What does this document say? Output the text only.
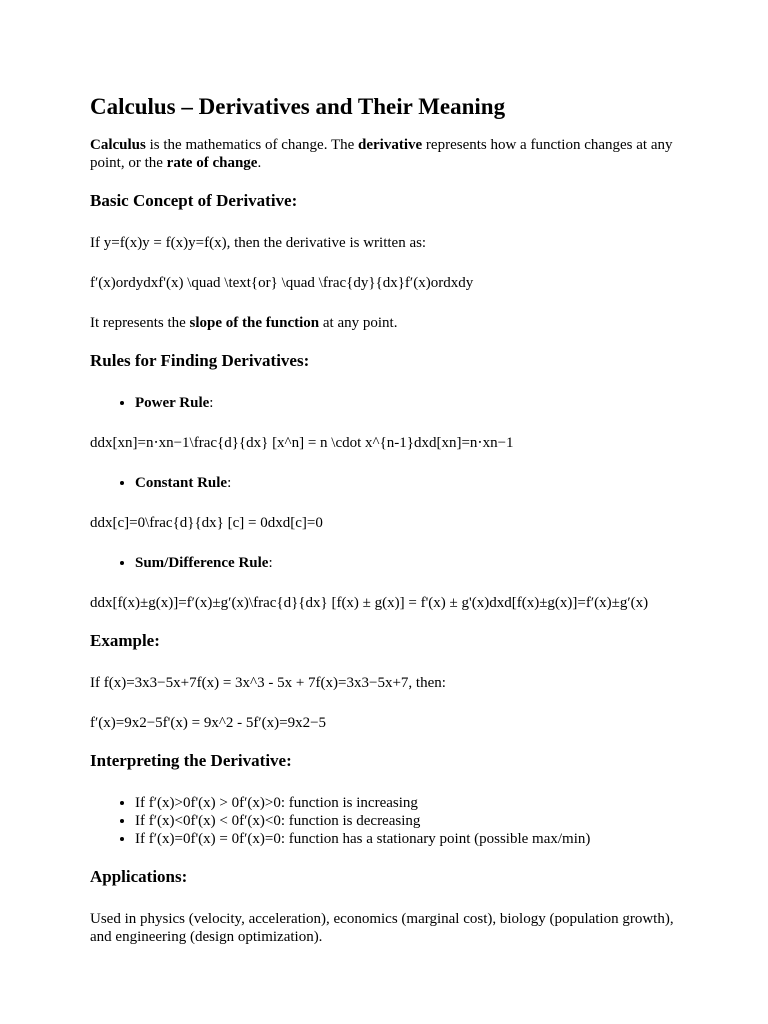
Calculus – Derivatives and Their Meaning

Calculus is the mathematics of change. The derivative represents how a function changes at any point, or the rate of change.

Basic Concept of Derivative:

If y=f(x)y = f(x)y=f(x), then the derivative is written as:

f′(x)ordydxf'(x) \quad \text{or} \quad \frac{dy}{dx}f′(x)ordxdy

It represents the slope of the function at any point.

Rules for Finding Derivatives:
• Power Rule:

ddx[xn]=n⋅xn−1\frac{d}{dx} [x^n] = n \cdot x^{n-1}dxd[xn]=n⋅xn−1

• Constant Rule:

ddx[c]=0\frac{d}{dx} [c] = 0dxd[c]=0

• Sum/Difference Rule:

ddx[f(x)±g(x)]=f′(x)±g′(x)\frac{d}{dx} [f(x) ± g(x)] = f'(x) ± g'(x)dxd[f(x)±g(x)]=f′(x)±g′(x)

Example:

If f(x)=3x3−5x+7f(x) = 3x^3 - 5x + 7f(x)=3x3−5x+7, then:

f′(x)=9x2−5f'(x) = 9x^2 - 5f′(x)=9x2−5

Interpreting the Derivative:
• If f′(x)>0f'(x) > 0f′(x)>0: function is increasing
• If f′(x)<0f'(x) < 0f′(x)<0: function is decreasing
• If f′(x)=0f'(x) = 0f′(x)=0: function has a stationary point (possible max/min)
Applications:

Used in physics (velocity, acceleration), economics (marginal cost), biology (population growth), and engineering (design optimization).
